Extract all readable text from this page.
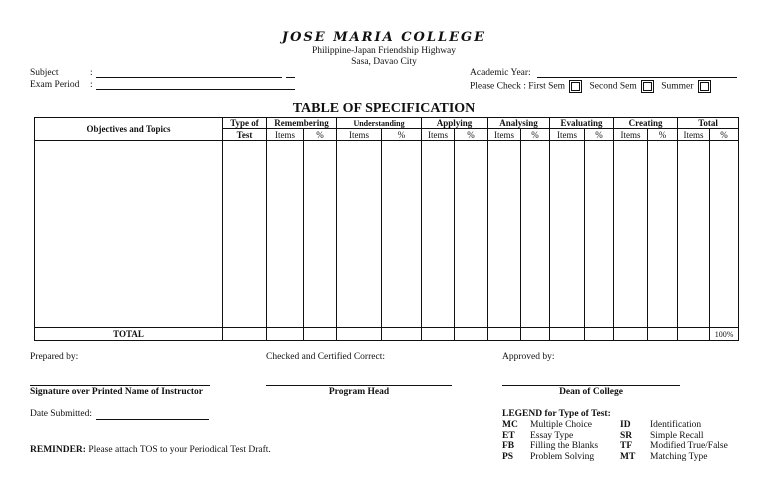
JOSE MARIA COLLEGE
Philippine-Japan Friendship Highway
Sasa, Davao City
Subject	:
Exam Period :
Academic Year:
Please Check : First Sem	Second Sem	Summer
TABLE OF SPECIFICATION
Objectives and Topics	Type of	Remembering		Understanding		Applying		Analysing		Evaluating		Creating		Total	
	Test	Items	%	Items	%	Items	%	Items	%	Items	%	Items	%	Items	%

TOTAL															100%
Prepared by:	Checked and Certified Correct:	Approved by:
Signature over Printed Name of Instructor	Program Head	Dean of College
Date Submitted:
REMINDER: Please attach TOS to your Periodical Test Draft.
LEGEND for Type of Test:
MC	Multiple Choice	ID	Identification
ET	Essay Type	SR	Simple Recall
FB	Filling the Blanks	TF	Modified True/False
PS	Problem Solving	MT	Matching Type
